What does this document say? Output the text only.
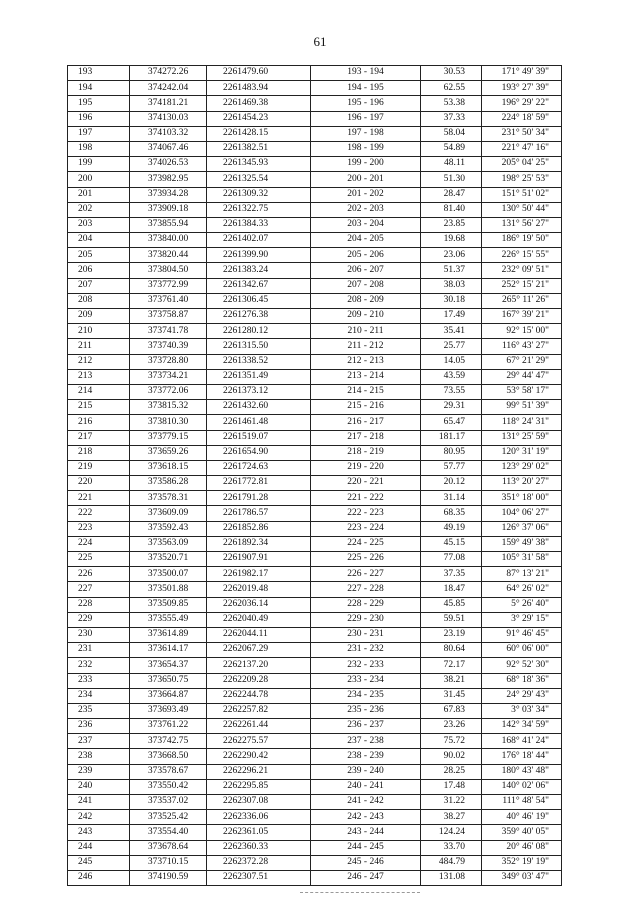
61
193	374272.26	2261479.60	193 - 194	30.53	171° 49' 39"
194	374242.04	2261483.94	194 - 195	62.55	193° 27' 39"
195	374181.21	2261469.38	195 - 196	53.38	196° 29' 22"
196	374130.03	2261454.23	196 - 197	37.33	224° 18' 59"
197	374103.32	2261428.15	197 - 198	58.04	231° 50' 34"
198	374067.46	2261382.51	198 - 199	54.89	221° 47' 16"
199	374026.53	2261345.93	199 - 200	48.11	205° 04' 25"
200	373982.95	2261325.54	200 - 201	51.30	198° 25' 53"
201	373934.28	2261309.32	201 - 202	28.47	151° 51' 02"
202	373909.18	2261322.75	202 - 203	81.40	130° 50' 44"
203	373855.94	2261384.33	203 - 204	23.85	131° 56' 27"
204	373840.00	2261402.07	204 - 205	19.68	186° 19' 50"
205	373820.44	2261399.90	205 - 206	23.06	226° 15' 55"
206	373804.50	2261383.24	206 - 207	51.37	232° 09' 51"
207	373772.99	2261342.67	207 - 208	38.03	252° 15' 21"
208	373761.40	2261306.45	208 - 209	30.18	265° 11' 26"
209	373758.87	2261276.38	209 - 210	17.49	167° 39' 21"
210	373741.78	2261280.12	210 - 211	35.41	92° 15' 00"
211	373740.39	2261315.50	211 - 212	25.77	116° 43' 27"
212	373728.80	2261338.52	212 - 213	14.05	67° 21' 29"
213	373734.21	2261351.49	213 - 214	43.59	29° 44' 47"
214	373772.06	2261373.12	214 - 215	73.55	53° 58' 17"
215	373815.32	2261432.60	215 - 216	29.31	99° 51' 39"
216	373810.30	2261461.48	216 - 217	65.47	118° 24' 31"
217	373779.15	2261519.07	217 - 218	181.17	131° 25' 59"
218	373659.26	2261654.90	218 - 219	80.95	120° 31' 19"
219	373618.15	2261724.63	219 - 220	57.77	123° 29' 02"
220	373586.28	2261772.81	220 - 221	20.12	113° 20' 27"
221	373578.31	2261791.28	221 - 222	31.14	351° 18' 00"
222	373609.09	2261786.57	222 - 223	68.35	104° 06' 27"
223	373592.43	2261852.86	223 - 224	49.19	126° 37' 06"
224	373563.09	2261892.34	224 - 225	45.15	159° 49' 38"
225	373520.71	2261907.91	225 - 226	77.08	105° 31' 58"
226	373500.07	2261982.17	226 - 227	37.35	87° 13' 21"
227	373501.88	2262019.48	227 - 228	18.47	64° 26' 02"
228	373509.85	2262036.14	228 - 229	45.85	5° 26' 40"
229	373555.49	2262040.49	229 - 230	59.51	3° 29' 15"
230	373614.89	2262044.11	230 - 231	23.19	91° 46' 45"
231	373614.17	2262067.29	231 - 232	80.64	60° 06' 00"
232	373654.37	2262137.20	232 - 233	72.17	92° 52' 30"
233	373650.75	2262209.28	233 - 234	38.21	68° 18' 36"
234	373664.87	2262244.78	234 - 235	31.45	24° 29' 43"
235	373693.49	2262257.82	235 - 236	67.83	3° 03' 34"
236	373761.22	2262261.44	236 - 237	23.26	142° 34' 59"
237	373742.75	2262275.57	237 - 238	75.72	168° 41' 24"
238	373668.50	2262290.42	238 - 239	90.02	176° 18' 44"
239	373578.67	2262296.21	239 - 240	28.25	180° 43' 48"
240	373550.42	2262295.85	240 - 241	17.48	140° 02' 06"
241	373537.02	2262307.08	241 - 242	31.22	111° 48' 54"
242	373525.42	2262336.06	242 - 243	38.27	40° 46' 19"
243	373554.40	2262361.05	243 - 244	124.24	359° 40' 05"
244	373678.64	2262360.33	244 - 245	33.70	20° 46' 08"
245	373710.15	2262372.28	245 - 246	484.79	352° 19' 19"
246	374190.59	2262307.51	246 - 247	131.08	349° 03' 47"
